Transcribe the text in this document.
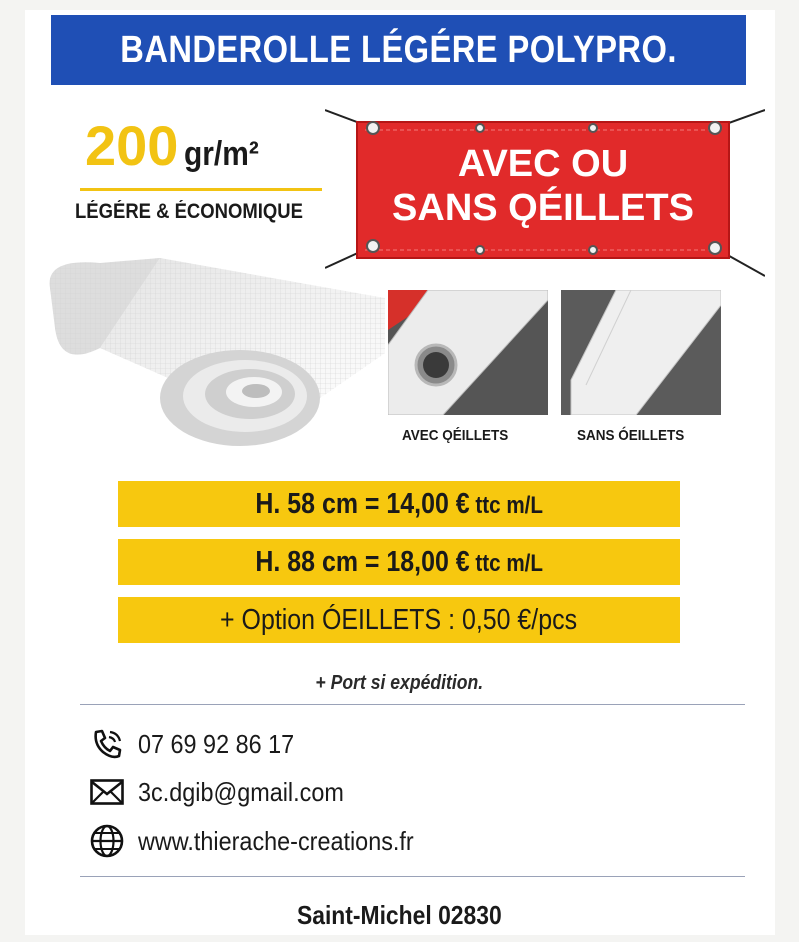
BANDEROLLE LÉGÉRE POLYPRO.
200 gr/m²
LÉGÉRE & ÉCONOMIQUE
AVEC OU
SANS ǪÉILLETS
AVEC ǪÉILLETS	SANS ÓEILLETS
H. 58 cm = 14,00 € ttc m/L
H. 88 cm = 18,00 € ttc m/L
+ Option ÓEILLETS : 0,50 €/pcs
+ Port si expédition.
07 69 92 86 17
3c.dgib@gmail.com
www.thierache-creations.fr
Saint-Michel 02830
